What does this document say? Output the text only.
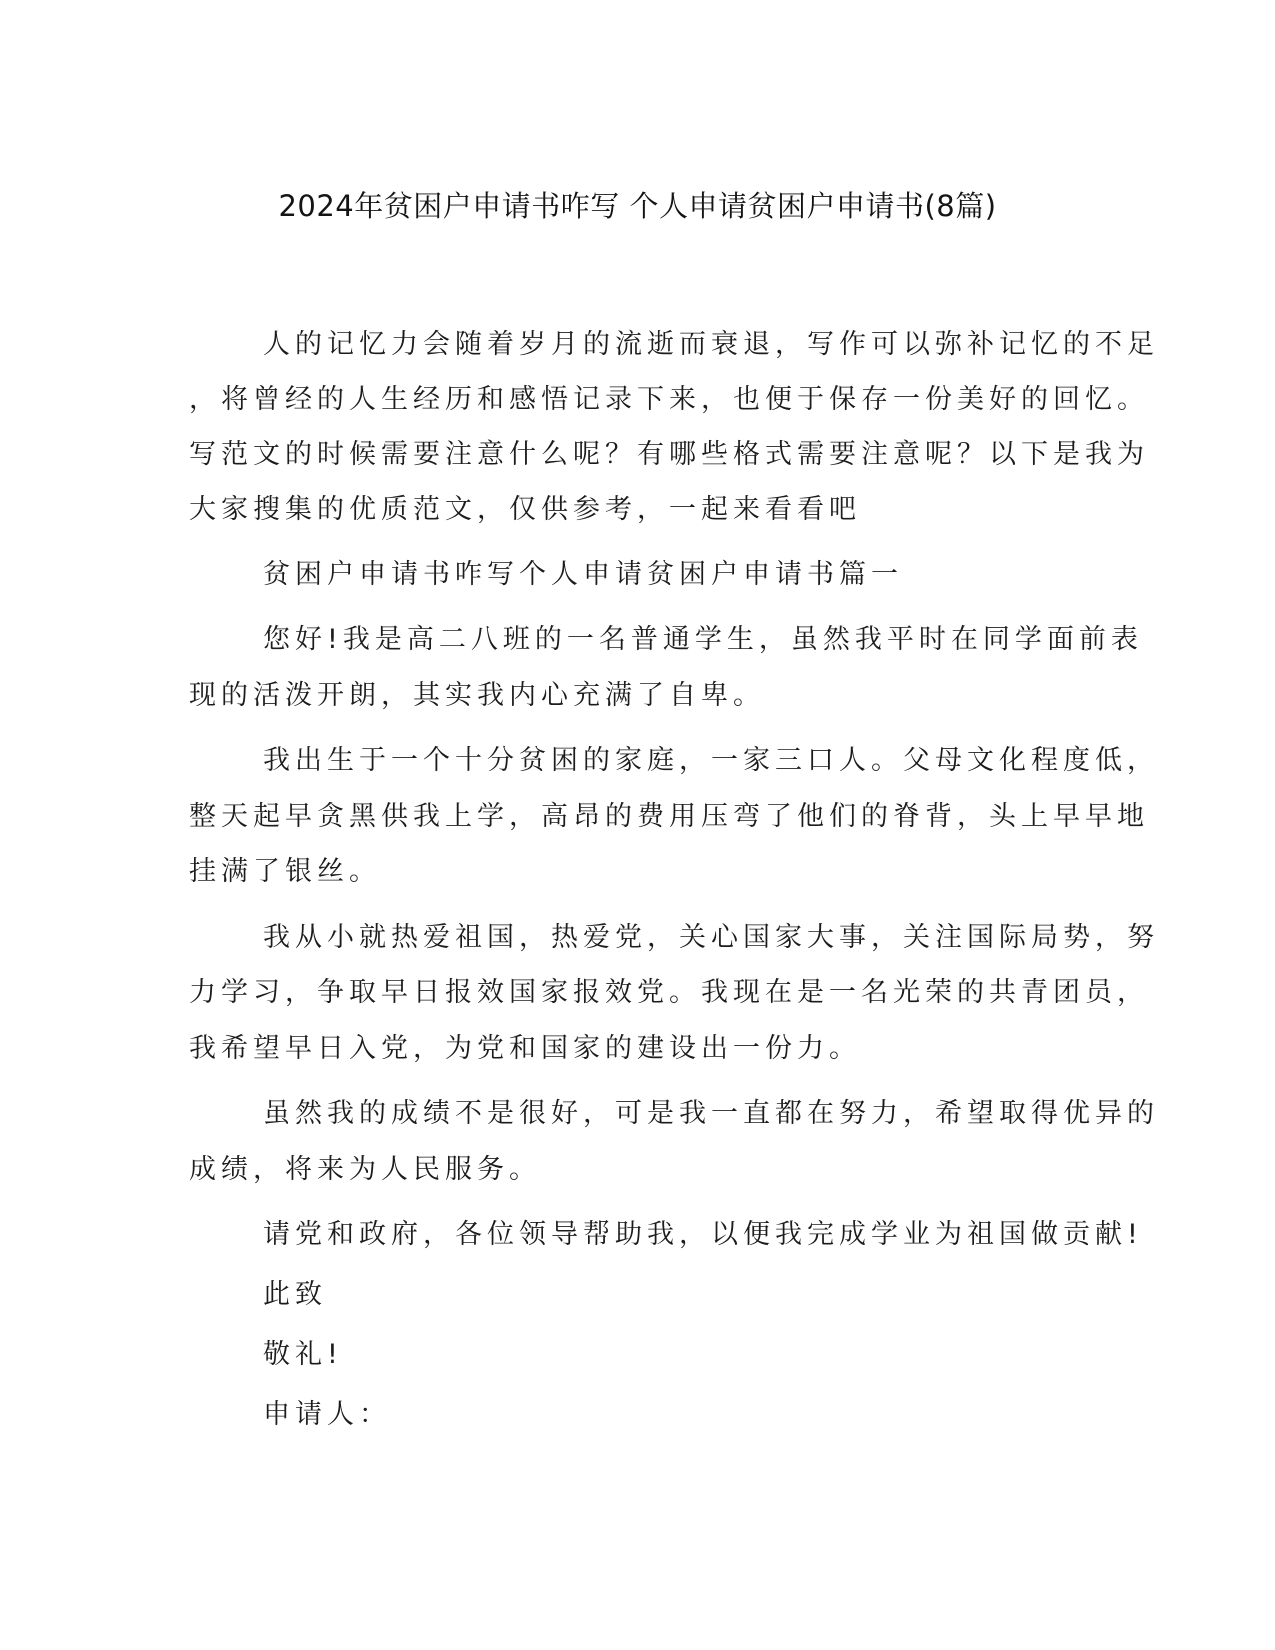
2024年贫困户申请书咋写 个人申请贫困户申请书(8篇)
人的记忆力会随着岁月的流逝而衰退，写作可以弥补记忆的不足
，将曾经的人生经历和感悟记录下来，也便于保存一份美好的回忆。
写范文的时候需要注意什么呢？有哪些格式需要注意呢？以下是我为
大家搜集的优质范文，仅供参考，一起来看看吧
贫困户申请书咋写个人申请贫困户申请书篇一
您好!我是高二八班的一名普通学生，虽然我平时在同学面前表
现的活泼开朗，其实我内心充满了自卑。
我出生于一个十分贫困的家庭，一家三口人。父母文化程度低，
整天起早贪黑供我上学，高昂的费用压弯了他们的脊背，头上早早地
挂满了银丝。
我从小就热爱祖国，热爱党，关心国家大事，关注国际局势，努
力学习，争取早日报效国家报效党。我现在是一名光荣的共青团员，
我希望早日入党，为党和国家的建设出一份力。
虽然我的成绩不是很好，可是我一直都在努力，希望取得优异的
成绩，将来为人民服务。
请党和政府，各位领导帮助我，以便我完成学业为祖国做贡献!
此致
敬礼!
申请人：
